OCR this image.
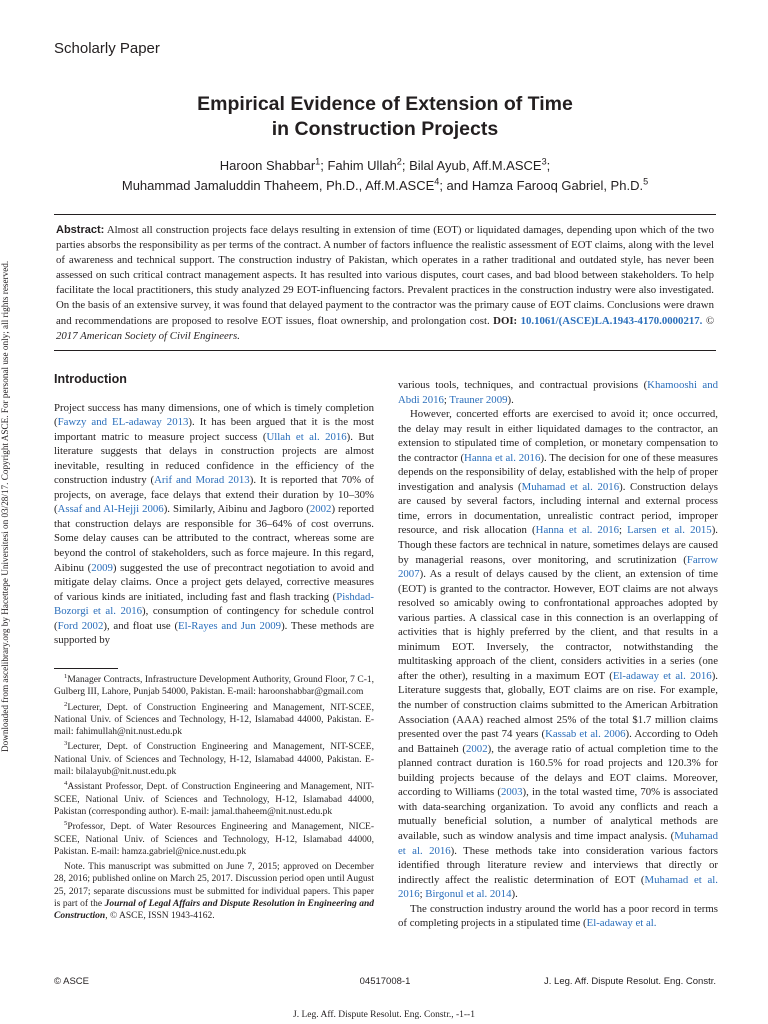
Downloaded from ascelibrary.org by Hacettepe Universitesi on 03/28/17. Copyright ASCE. For personal use only; all rights reserved.
Scholarly Paper
Empirical Evidence of Extension of Time
in Construction Projects
Haroon Shabbar$^1$; Fahim Ullah$^2$; Bilal Ayub, Aff.M.ASCE$^3$;
Muhammad Jamaluddin Thaheem, Ph.D., Aff.M.ASCE$^4$; and Hamza Farooq Gabriel, Ph.D.$^5$
Abstract: Almost all construction projects face delays resulting in extension of time (EOT) or liquidated damages, depending upon which of the two parties absorbs the responsibility as per terms of the contract. A number of factors influence the realistic assessment of EOT claims, along with the level of awareness and technical support. The construction industry of Pakistan, which operates in a rather traditional and outdated style, has never been assessed on such critical contract management aspects. It has resulted into various disputes, court cases, and bad blood between stakeholders. To help facilitate the local practitioners, this study analyzed 29 EOT-influencing factors. Prevalent practices in the construction industry were also investigated. On the basis of an extensive survey, it was found that delayed payment to the contractor was the primary cause of EOT claims. Conclusions were drawn and recommendations are proposed to resolve EOT issues, float ownership, and prolongation cost. DOI: 10.1061/(ASCE)LA.1943-4170.0000217. © 2017 American Society of Civil Engineers.
Introduction

Project success has many dimensions, one of which is timely completion (Fawzy and EL-adaway 2013). It has been argued that it is the most important matric to measure project success (Ullah et al. 2016). But literature suggests that delays in construction projects are almost inevitable, resulting in reduced confidence in the efficiency of the construction industry (Arif and Morad 2013). It is reported that 70% of projects, on average, face delays that extend their duration by 10–30% (Assaf and Al-Hejji 2006). Similarly, Aibinu and Jagboro (2002) reported that construction delays are responsible for 36–64% of cost overruns. Some delay causes can be attributed to the contract, whereas some are beyond the control of stakeholders, such as force majeure. In this regard, Aibinu (2009) suggested the use of precontract negotiation to avoid and mitigate delay claims. Once a project gets delayed, corrective measures of various kinds are initiated, including fast and flash tracking (Pishdad-Bozorgi et al. 2016), consumption of contingency for schedule control (Ford 2002), and float use (El-Rayes and Jun 2009). These methods are supported by

$^1$Manager Contracts, Infrastructure Development Authority, Ground Floor, 7 C-1, Gulberg III, Lahore, Punjab 54000, Pakistan. E-mail: haroonshabbar@gmail.com

$^2$Lecturer, Dept. of Construction Engineering and Management, NIT-SCEE, National Univ. of Sciences and Technology, H-12, Islamabad 44000, Pakistan. E-mail: fahimullah@nit.nust.edu.pk

$^3$Lecturer, Dept. of Construction Engineering and Management, NIT-SCEE, National Univ. of Sciences and Technology, H-12, Islamabad 44000, Pakistan. E-mail: bilalayub@nit.nust.edu.pk

$^4$Assistant Professor, Dept. of Construction Engineering and Management, NIT-SCEE, National Univ. of Sciences and Technology, H-12, Islamabad 44000, Pakistan (corresponding author). E-mail: jamal.thaheem@nit.nust.edu.pk

$^5$Professor, Dept. of Water Resources Engineering and Management, NICE-SCEE, National Univ. of Sciences and Technology, H-12, Islamabad 44000, Pakistan. E-mail: hamza.gabriel@nice.nust.edu.pk

Note. This manuscript was submitted on June 7, 2015; approved on December 28, 2016; published online on March 25, 2017. Discussion period open until August 25, 2017; separate discussions must be submitted for individual papers. This paper is part of the Journal of Legal Affairs and Dispute Resolution in Engineering and Construction, © ASCE, ISSN 1943-4162.

various tools, techniques, and contractual provisions (Khamooshi and Abdi 2016; Trauner 2009).

However, concerted efforts are exercised to avoid it; once occurred, the delay may result in either liquidated damages to the contractor, an extension to stipulated time of completion, or monetary compensation to the contractor (Hanna et al. 2016). The decision for one of these measures depends on the responsibility of delay, established with the help of proper investigation and analysis (Muhamad et al. 2016). Construction delays are caused by several factors, including internal and external process time, errors in documentation, unrealistic contract period, improper resource, and risk allocation (Hanna et al. 2016; Larsen et al. 2015). Though these factors are technical in nature, sometimes delays are caused by managerial reasons, over monitoring, and scrutinization (Farrow 2007). As a result of delays caused by the client, an extension of time (EOT) is granted to the contractor. However, EOT claims are not always resolved so amicably owing to confrontational approaches adopted by various parties. A classical case in this connection is an overlapping of activities that is highly preferred by the client, and that results in a minimum EOT. Inversely, the contractor, notwithstanding the multitasking approach of the client, considers activities in a series (one after the other), resulting in a maximum EOT (El-adaway et al. 2016). Literature suggests that, globally, EOT claims are on rise. For example, the number of construction claims submitted to the American Arbitration Association (AAA) reached almost 25% of the total $1.7 million claims presented over the past 74 years (Kassab et al. 2006). According to Odeh and Battaineh (2002), the average ratio of actual completion time to the planned contract duration is 160.5% for road projects and 120.3% for building projects because of the delays and EOT claims. Moreover, according to Williams (2003), in the total wasted time, 70% is associated with data-searching organization. To avoid any conflicts and reach a mutually beneficial solution, a number of analytical methods are available, such as window analysis and time impact analysis. (Muhamad et al. 2016). These methods take into consideration various factors identified through literature review and interviews that directly or indirectly affect the realistic determination of EOT (Muhamad et al. 2016; Birgonul et al. 2014).

The construction industry around the world has a poor record in terms of completing projects in a stipulated time (El-adaway et al.

© ASCE	04517008-1	J. Leg. Aff. Dispute Resolut. Eng. Constr.
J. Leg. Aff. Dispute Resolut. Eng. Constr., -1--1
